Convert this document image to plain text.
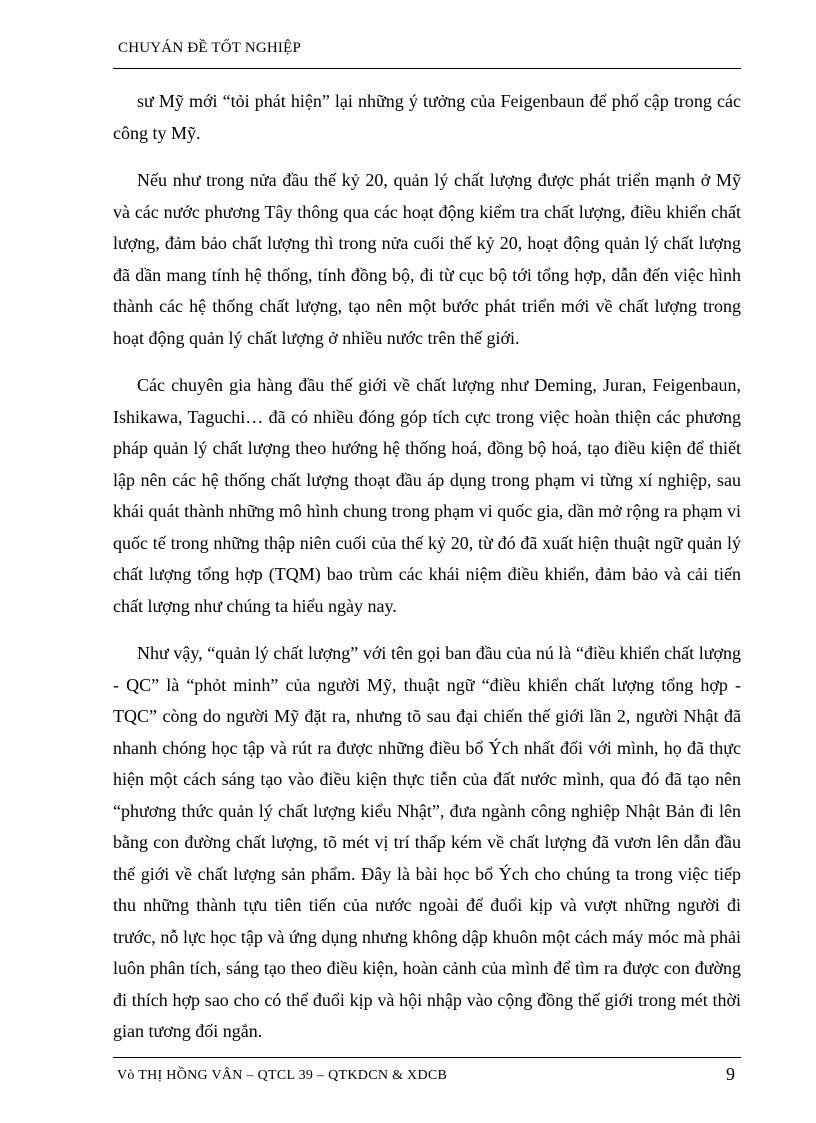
CHUYÁN ĐỀ TỐT NGHIỆP

sư Mỹ mới “tỏi phát hiện” lại những ý tưởng của Feigenbaun để phổ cập trong các công ty Mỹ.

Nếu như trong nửa đầu thế kỷ 20, quản lý chất lượng được phát triển mạnh ở Mỹ và các nước phương Tây thông qua các hoạt động kiểm tra chất lượng, điều khiển chất lượng, đảm bảo chất lượng thì trong nửa cuối thế kỷ 20, hoạt động quản lý chất lượng đã dần mang tính hệ thống, tính đồng bộ, đi từ cục bộ tới tổng hợp, dẫn đến việc hình thành các hệ thống chất lượng, tạo nên một bước phát triển mới về chất lượng trong hoạt động quản lý chất lượng ở nhiều nước trên thế giới.

Các chuyên gia hàng đầu thế giới về chất lượng như Deming, Juran, Feigenbaun, Ishikawa, Taguchi… đã có nhiều đóng góp tích cực trong việc hoàn thiện các phương pháp quản lý chất lượng theo hướng hệ thống hoá, đồng bộ hoá, tạo điều kiện để thiết lập nên các hệ thống chất lượng thoạt đầu áp dụng trong phạm vi từng xí nghiệp, sau khái quát thành những mô hình chung trong phạm vi quốc gia, dần mở rộng ra phạm vi quốc tế trong những thập niên cuối của thế kỷ 20, từ đó đã xuất hiện thuật ngữ quản lý chất lượng tổng hợp (TQM) bao trùm các khái niệm điều khiển, đảm bảo và cải tiến chất lượng như chúng ta hiểu ngày nay.

Như vậy, “quản lý chất lượng” với tên gọi ban đầu của nú là “điều khiển chất lượng - QC” là “phỏt minh” của người Mỹ, thuật ngữ “điều khiển chất lượng tổng hợp - TQC” còng do người Mỹ đặt ra, nhưng tõ sau đại chiến thế giới lần 2, người Nhật đã nhanh chóng học tập và rút ra được những điều bổ Ých nhất đối với mình, họ đã thực hiện một cách sáng tạo vào điều kiện thực tiễn của đất nước mình, qua đó đã tạo nên “phương thức quản lý chất lượng kiểu Nhật”, đưa ngành công nghiệp Nhật Bản đi lên bằng con đường chất lượng, tõ mét vị trí thấp kém về chất lượng đã vươn lên dẫn đầu thế giới về chất lượng sản phẩm. Đây là bài học bổ Ých cho chúng ta trong việc tiếp thu những thành tựu tiên tiến của nước ngoài để đuổi kịp và vượt những người đi trước, nỗ lực học tập và ứng dụng nhưng không dập khuôn một cách máy móc mà phải luôn phân tích, sáng tạo theo điều kiện, hoàn cảnh của mình để tìm ra được con đường đi thích hợp sao cho có thể đuổi kịp và hội nhập vào cộng đồng thế giới trong mét thời gian tương đối ngắn.

Vò THỊ HỒNG VÂN – QTCL 39 – QTKDCN & XDCB	9
